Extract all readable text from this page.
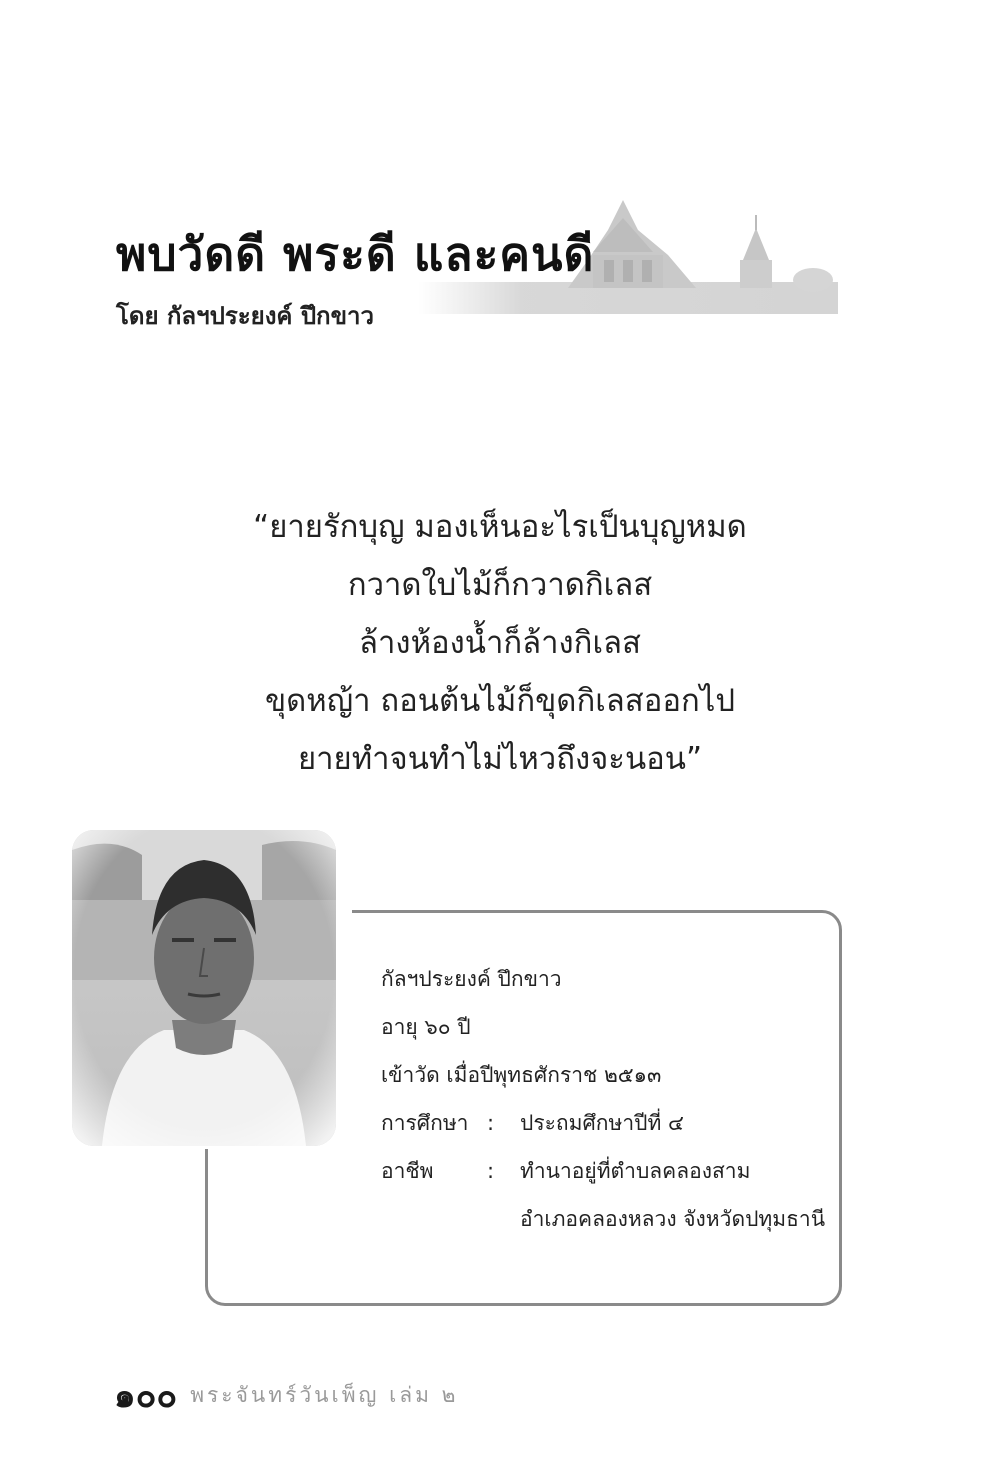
พบวัดดี พระดี และคนดี

โดย กัลฯประยงค์ ปึกขาว

“ยายรักบุญ มองเห็นอะไรเป็นบุญหมด
กวาดใบไม้ก็กวาดกิเลส
ล้างห้องน้ำก็ล้างกิเลส
ขุดหญ้า ถอนต้นไม้ก็ขุดกิเลสออกไป
ยายทำจนทำไม่ไหวถึงจะนอน”
กัลฯประยงค์ ปึกขาว
อายุ ๖๐ ปี
เข้าวัด เมื่อปีพุทธศักราช ๒๕๑๓
การศึกษา : ประถมศึกษาปีที่ ๔
อาชีพ	: ทำนาอยู่ที่ตำบลคลองสาม
อำเภอคลองหลวง จังหวัดปทุมธานี

๑๐๐ พระจันทร์วันเพ็ญ เล่ม ๒
